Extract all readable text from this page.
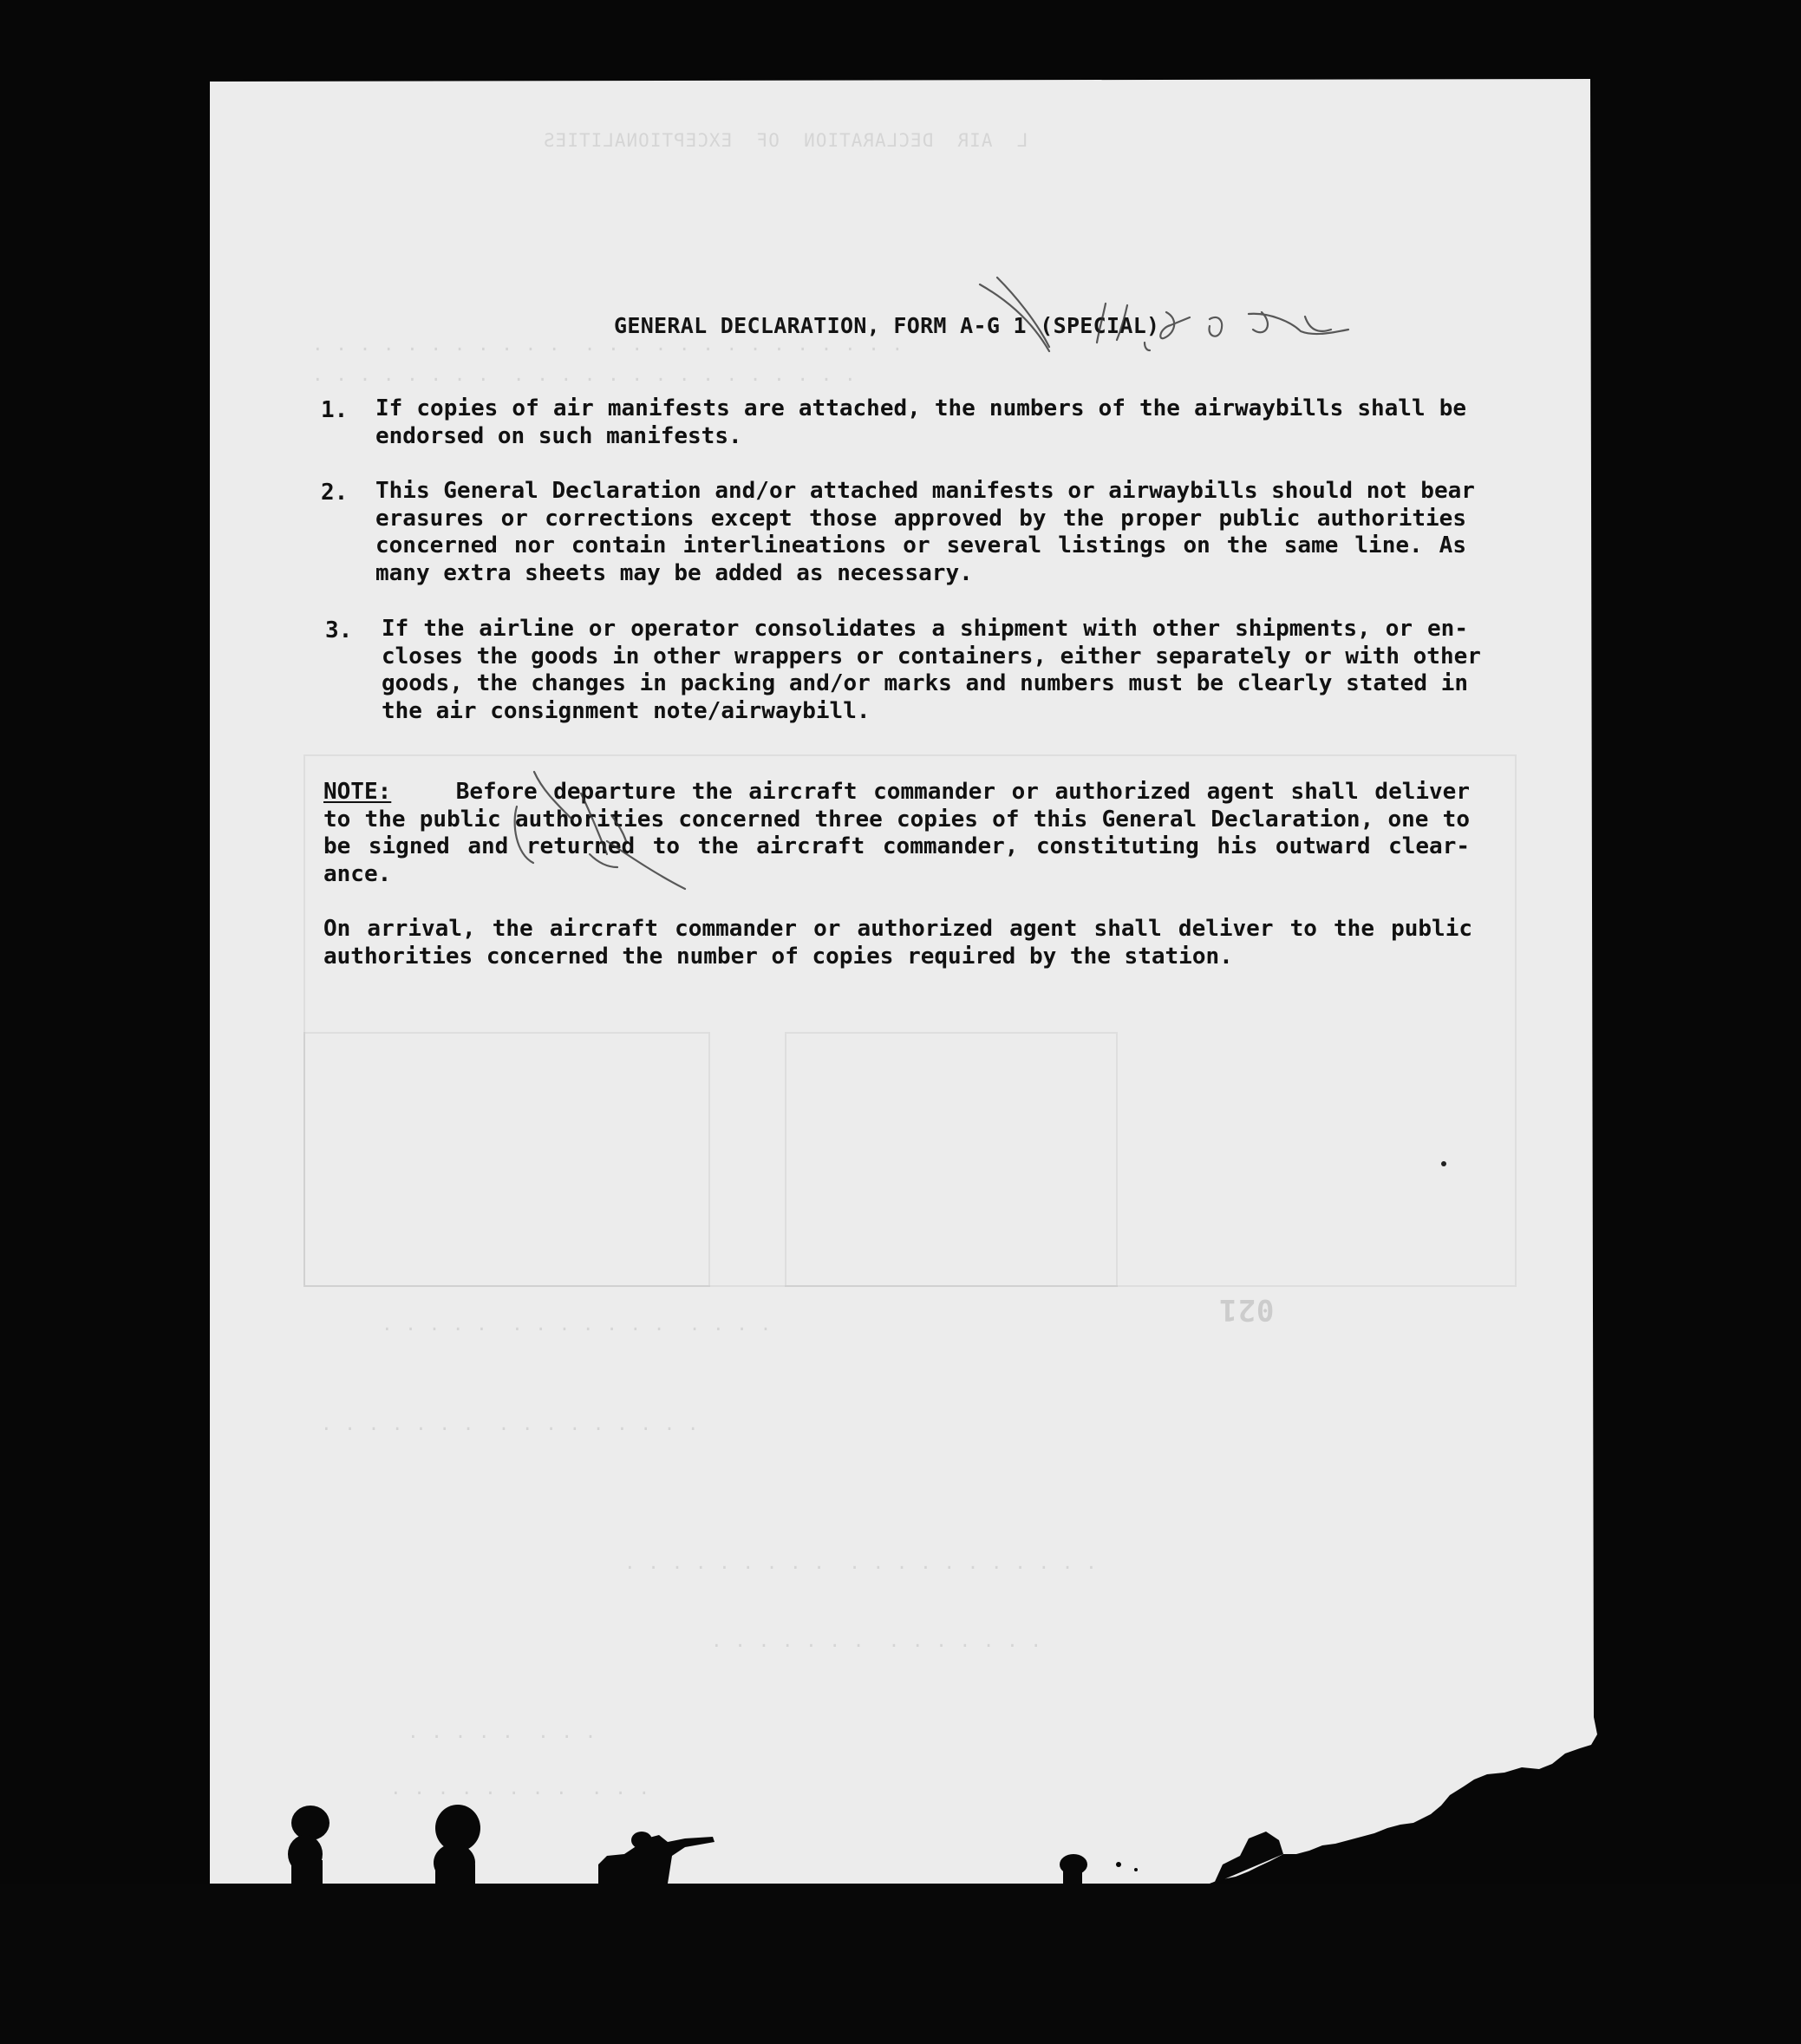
L  AIR  DECLARATION  OF  EXCEPTIONALITIES
. . . . . . . . . . .  . . . . . . . . . . . . . .
. . . . . . . .  . . . . . . . . . . . . . . .
021
. . . . .  . . . . . . .  . . . .
. . . . . . .  . . . . . . . . .
. . . . . . . . .  . . . . . . . . . . .
. . . . . . .  . . . . . . .
. . . . .  . . .
. . . . . . . .  . . .
GENERAL DECLARATION, FORM A-G 1 (SPECIAL)
1. If copies of air manifests are attached, the numbers of the airwaybills shall be
endorsed on such manifests.
2. This General Declaration and/or attached manifests or airwaybills should not bear
erasures or corrections except those approved by the proper public authorities
concerned nor contain interlineations or several listings on the same line. As
many extra sheets may be added as necessary.
3. If the airline or operator consolidates a shipment with other shipments, or en-
closes the goods in other wrappers or containers, either separately or with other
goods, the changes in packing and/or marks and numbers must be clearly stated in
the air consignment note/airwaybill.
NOTE:	Before departure the aircraft commander or authorized agent shall deliver
to the public authorities concerned three copies of this General Declaration, one to
be signed and returned to the aircraft commander, constituting his outward clear-
ance.
On arrival, the aircraft commander or authorized agent shall deliver to the public
authorities concerned the number of copies required by the station.
